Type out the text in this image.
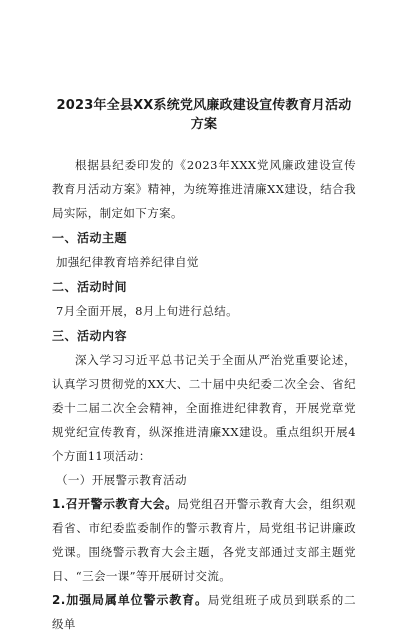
2023年全县XX系统党风廉政建设宣传教育月活动方案

根据县纪委印发的《2023年XXX党风廉政建设宣传教育月活动方案》精神，为统筹推进清廉XX建设，结合我局实际，制定如下方案。

一、活动主题

加强纪律教育培养纪律自觉

二、活动时间

7月全面开展，8月上旬进行总结。

三、活动内容

深入学习习近平总书记关于全面从严治党重要论述，认真学习贯彻党的XX大、二十届中央纪委二次全会、省纪委十二届二次全会精神，全面推进纪律教育，开展党章党规党纪宣传教育，纵深推进清廉XX建设。重点组织开展4个方面11项活动：

（一）开展警示教育活动

1.召开警示教育大会。局党组召开警示教育大会，组织观看省、市纪委监委制作的警示教育片，局党组书记讲廉政党课。围绕警示教育大会主题，各党支部通过支部主题党日、“三会一课”等开展研讨交流。

2.加强局属单位警示教育。局党组班子成员到联系的二级单
